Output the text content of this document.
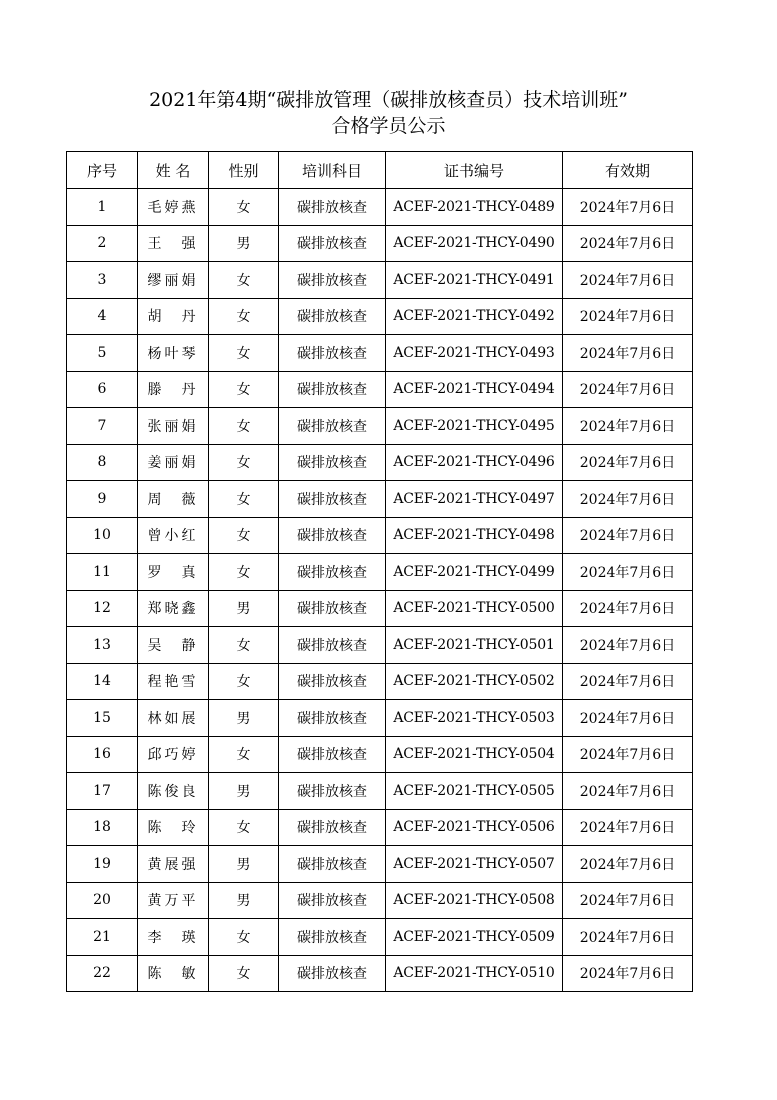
2021年第4期“碳排放管理（碳排放核查员）技术培训班”
合格学员公示
序号	姓 名	性别	培训科目	证书编号	有效期
1	毛婷燕	女	碳排放核查	ACEF-2021-THCY-0489	2024年7月6日
2	王　强	男	碳排放核查	ACEF-2021-THCY-0490	2024年7月6日
3	缪丽娟	女	碳排放核查	ACEF-2021-THCY-0491	2024年7月6日
4	胡　丹	女	碳排放核查	ACEF-2021-THCY-0492	2024年7月6日
5	杨叶琴	女	碳排放核查	ACEF-2021-THCY-0493	2024年7月6日
6	滕　丹	女	碳排放核查	ACEF-2021-THCY-0494	2024年7月6日
7	张丽娟	女	碳排放核查	ACEF-2021-THCY-0495	2024年7月6日
8	姜丽娟	女	碳排放核查	ACEF-2021-THCY-0496	2024年7月6日
9	周　薇	女	碳排放核查	ACEF-2021-THCY-0497	2024年7月6日
10	曾小红	女	碳排放核查	ACEF-2021-THCY-0498	2024年7月6日
11	罗　真	女	碳排放核查	ACEF-2021-THCY-0499	2024年7月6日
12	郑晓鑫	男	碳排放核查	ACEF-2021-THCY-0500	2024年7月6日
13	吴　静	女	碳排放核查	ACEF-2021-THCY-0501	2024年7月6日
14	程艳雪	女	碳排放核查	ACEF-2021-THCY-0502	2024年7月6日
15	林如展	男	碳排放核查	ACEF-2021-THCY-0503	2024年7月6日
16	邱巧婷	女	碳排放核查	ACEF-2021-THCY-0504	2024年7月6日
17	陈俊良	男	碳排放核查	ACEF-2021-THCY-0505	2024年7月6日
18	陈　玲	女	碳排放核查	ACEF-2021-THCY-0506	2024年7月6日
19	黄展强	男	碳排放核查	ACEF-2021-THCY-0507	2024年7月6日
20	黄万平	男	碳排放核查	ACEF-2021-THCY-0508	2024年7月6日
21	李　瑛	女	碳排放核查	ACEF-2021-THCY-0509	2024年7月6日
22	陈　敏	女	碳排放核查	ACEF-2021-THCY-0510	2024年7月6日
